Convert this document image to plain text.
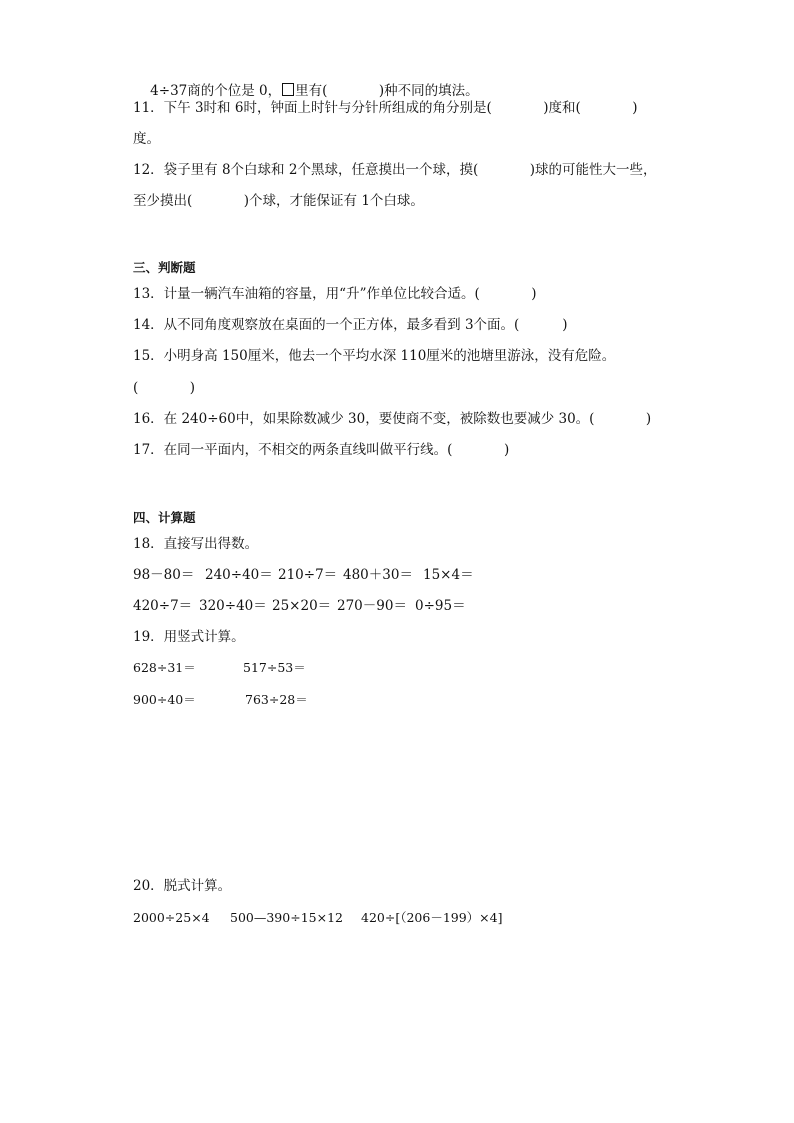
4÷37商的个位是 0， 里有(            )种不同的填法。

11．下午 3时和 6时，钟面上时针与分针所组成的角分别是(            )度和(            )
度。
12．袋子里有 8个白球和 2个黑球，任意摸出一个球，摸(            )球的可能性大一些，
至少摸出(            )个球，才能保证有 1个白球。
三、判断题
13．计量一辆汽车油箱的容量，用“升”作单位比较合适。(            )
14．从不同角度观察放在桌面的一个正方体，最多看到 3个面。(          )
15．小明身高 150厘米，他去一个平均水深 110厘米的池塘里游泳，没有危险。
(            )
16．在 240÷60中，如果除数减少 30，要使商不变，被除数也要减少 30。(            )
17．在同一平面内，不相交的两条直线叫做平行线。(            )
四、计算题
18．直接写出得数。
98－80＝ 240÷40＝ 210÷7＝ 480＋30＝ 15×4＝
420÷7＝ 320÷40＝ 25×20＝ 270－90＝ 0÷95＝
19．用竖式计算。
628÷31＝	517÷53＝
900÷40＝	763÷28＝
20．脱式计算。
2000÷25×4 500—390÷15×12 420÷[（206－199）×4]
